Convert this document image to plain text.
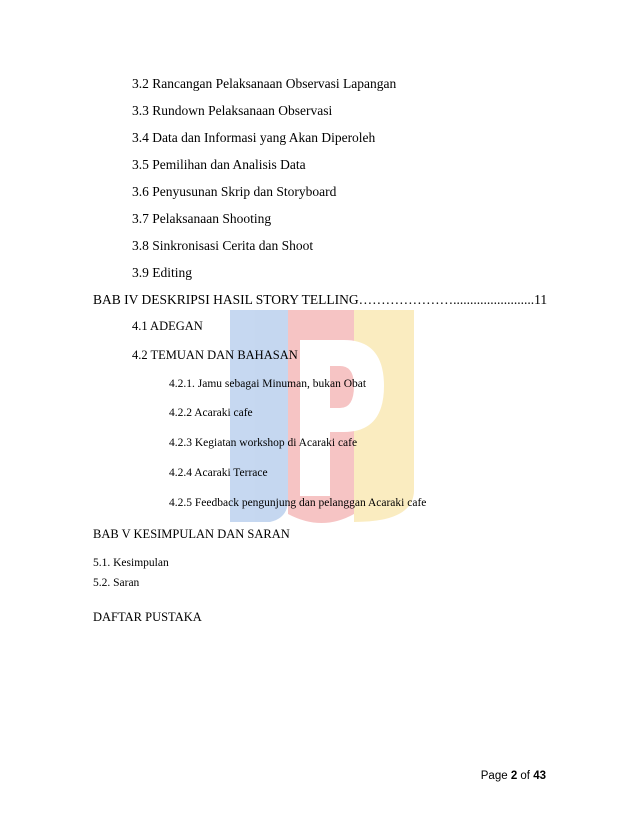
3.2 Rancangan Pelaksanaan Observasi Lapangan
3.3 Rundown Pelaksanaan Observasi
3.4 Data dan Informasi yang Akan Diperoleh
3.5 Pemilihan dan Analisis Data
3.6 Penyusunan Skrip dan Storyboard
3.7 Pelaksanaan Shooting
3.8 Sinkronisasi Cerita dan Shoot
3.9 Editing
BAB IV DESKRIPSI HASIL STORY TELLING…………………........................11
4.1 ADEGAN
4.2 TEMUAN DAN BAHASAN
4.2.1. Jamu sebagai Minuman, bukan Obat
4.2.2 Acaraki cafe
4.2.3 Kegiatan workshop di Acaraki cafe
4.2.4 Acaraki Terrace
4.2.5 Feedback pengunjung dan pelanggan Acaraki cafe
BAB V KESIMPULAN DAN SARAN
5.1. Kesimpulan
5.2. Saran
DAFTAR PUSTAKA
Page 2 of 43
